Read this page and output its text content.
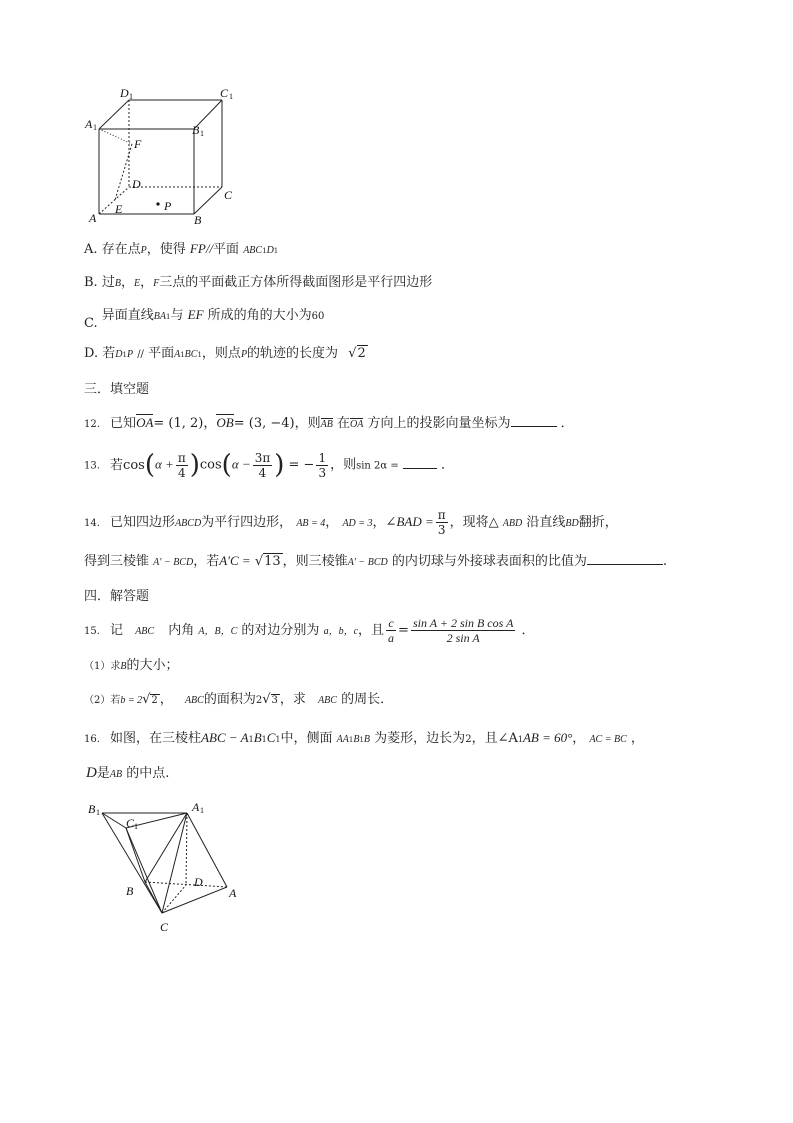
D 1	C 1
A 1	B 1
F
D
C
A
E	P
B
A. 存在点P，使得 FP//平面 ABC1D1
B. 过B，E，F三点的平面截正方体所得截面图形是平行四边形
C. 异面直线BA1与 EF 所成的角的大小为60
D. 若D1P // 平面A1BC1，则点P的轨迹的长度为 √2
三．填空题
12. 已知OA= (1, 2)，OB= (3, −4)，则AB 在OA 方向上的投影向量坐标为	．
13. 若$\cos(\alpha + \frac{\pi}{4} )\cos(\alpha - \frac{3\pi}{4}$ ) = − $\frac{1}{3}$ ，则sin 2α =	．
14. 已知四边形ABCD为平行四边形， AB = 4， AD = 3，∠BAD = $\frac{\pi}{3}$ ，现将△ ABD 沿直线BD翻折，
得到三棱锥 A′ − BCD，若A′C = √13 ，则三棱锥A′ − BCD 的内切球与外接球表面积的比值为	.
四．解答题
15. 记 ABC 内角 A，B，C 的对边分别为 a，b，c，且 $\frac{c}{a} = \frac{\text{sin A + 2 sin B cos A}}{\text{2 sin A}}$ ．
（1）求B的大小；
（2）若b = 2√2 ， ABC的面积为2√3 ，求 ABC 的周长．
16. 如图，在三棱柱ABC − A1B1C1中，侧面 AA1B1B 为菱形，边长为2，且∠A1AB = 60°， AC = BC ，
D是AB 的中点.
B 1	A 1
C 1
B
D
A
C
